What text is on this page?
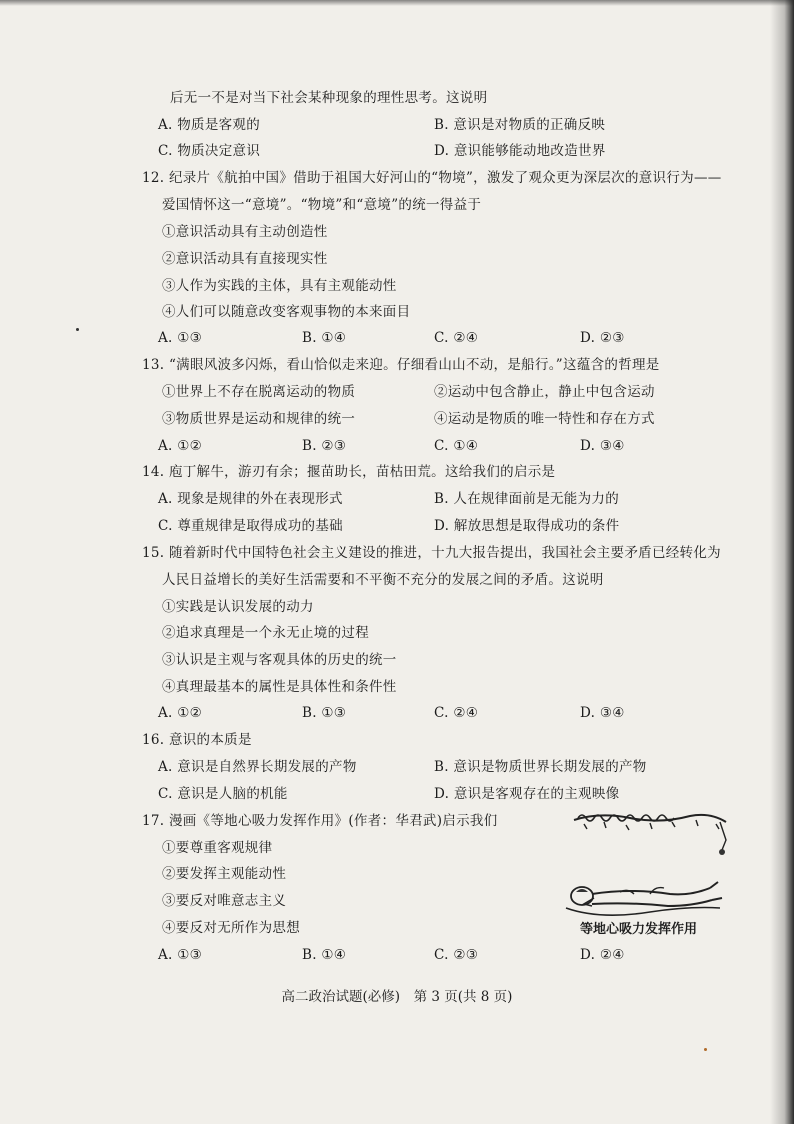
后无一不是对当下社会某种现象的理性思考。这说明
A. 物质是客观的	B. 意识是对物质的正确反映
C. 物质决定意识	D. 意识能够能动地改造世界
12. 纪录片《航拍中国》借助于祖国大好河山的“物境”，激发了观众更为深层次的意识行为——
爱国情怀这一“意境”。“物境”和“意境”的统一得益于
①意识活动具有主动创造性
②意识活动具有直接现实性
③人作为实践的主体，具有主观能动性
④人们可以随意改变客观事物的本来面目
A. ①③	B. ①④	C. ②④	D. ②③
13. “满眼风波多闪烁，看山恰似走来迎。仔细看山山不动，是船行。”这蕴含的哲理是
①世界上不存在脱离运动的物质	②运动中包含静止，静止中包含运动
③物质世界是运动和规律的统一	④运动是物质的唯一特性和存在方式
A. ①②	B. ②③	C. ①④	D. ③④
14. 庖丁解牛，游刃有余；揠苗助长，苗枯田荒。这给我们的启示是
A. 现象是规律的外在表现形式	B. 人在规律面前是无能为力的
C. 尊重规律是取得成功的基础	D. 解放思想是取得成功的条件
15. 随着新时代中国特色社会主义建设的推进，十九大报告提出，我国社会主要矛盾已经转化为
人民日益增长的美好生活需要和不平衡不充分的发展之间的矛盾。这说明
①实践是认识发展的动力
②追求真理是一个永无止境的过程
③认识是主观与客观具体的历史的统一
④真理最基本的属性是具体性和条件性
A. ①②	B. ①③	C. ②④	D. ③④
16. 意识的本质是
A. 意识是自然界长期发展的产物	B. 意识是物质世界长期发展的产物
C. 意识是人脑的机能	D. 意识是客观存在的主观映像
17. 漫画《等地心吸力发挥作用》(作者：华君武)启示我们
①要尊重客观规律
②要发挥主观能动性
③要反对唯意志主义
④要反对无所作为思想
A. ①③	B. ①④	C. ②③	D. ②④
等地心吸力发挥作用
高二政治试题(必修)　第 3 页(共 8 页)
